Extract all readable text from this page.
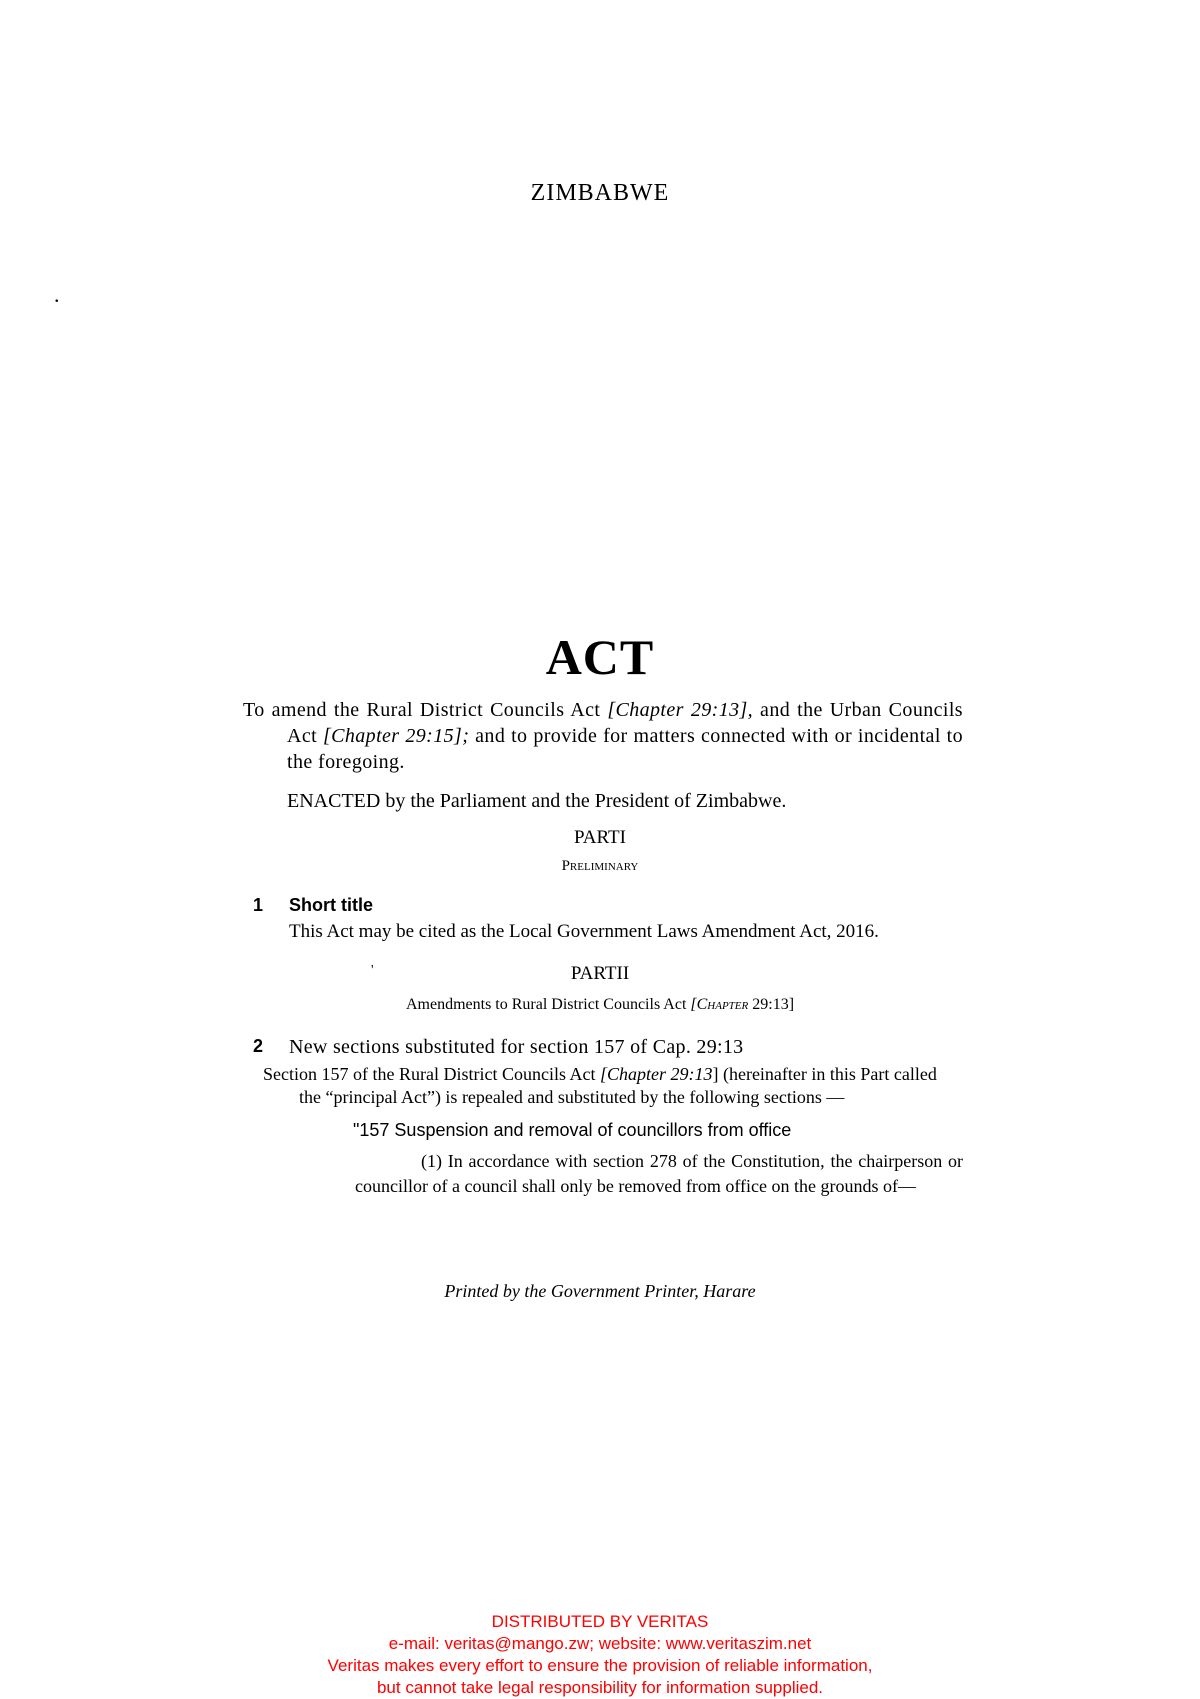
ZIMBABWE
.
ACT
To amend the Rural District Councils Act [Chapter 29:13], and the Urban Councils Act [Chapter 29:15]; and to provide for matters connected with or incidental to the foregoing.
ENACTED by the Parliament and the President of Zimbabwe.
PARTI
Preliminary
1 Short title
This Act may be cited as the Local Government Laws Amendment Act, 2016.
'	PARTII
Amendments to Rural District Councils Act [Chapter 29:13]
2 New sections substituted for section 157 of Cap. 29:13
Section 157 of the Rural District Councils Act [Chapter 29:13] (hereinafter in this Part called the “principal Act”) is repealed and substituted by the following sections —
"157 Suspension and removal of councillors from office
(1) In accordance with section 278 of the Constitution, the chairperson or councillor of a council shall only be removed from office on the grounds of—
Printed by the Government Printer, Harare
DISTRIBUTED BY VERITAS
e-mail: veritas@mango.zw; website: www.veritaszim.net
Veritas makes every effort to ensure the provision of reliable information,
but cannot take legal responsibility for information supplied.
